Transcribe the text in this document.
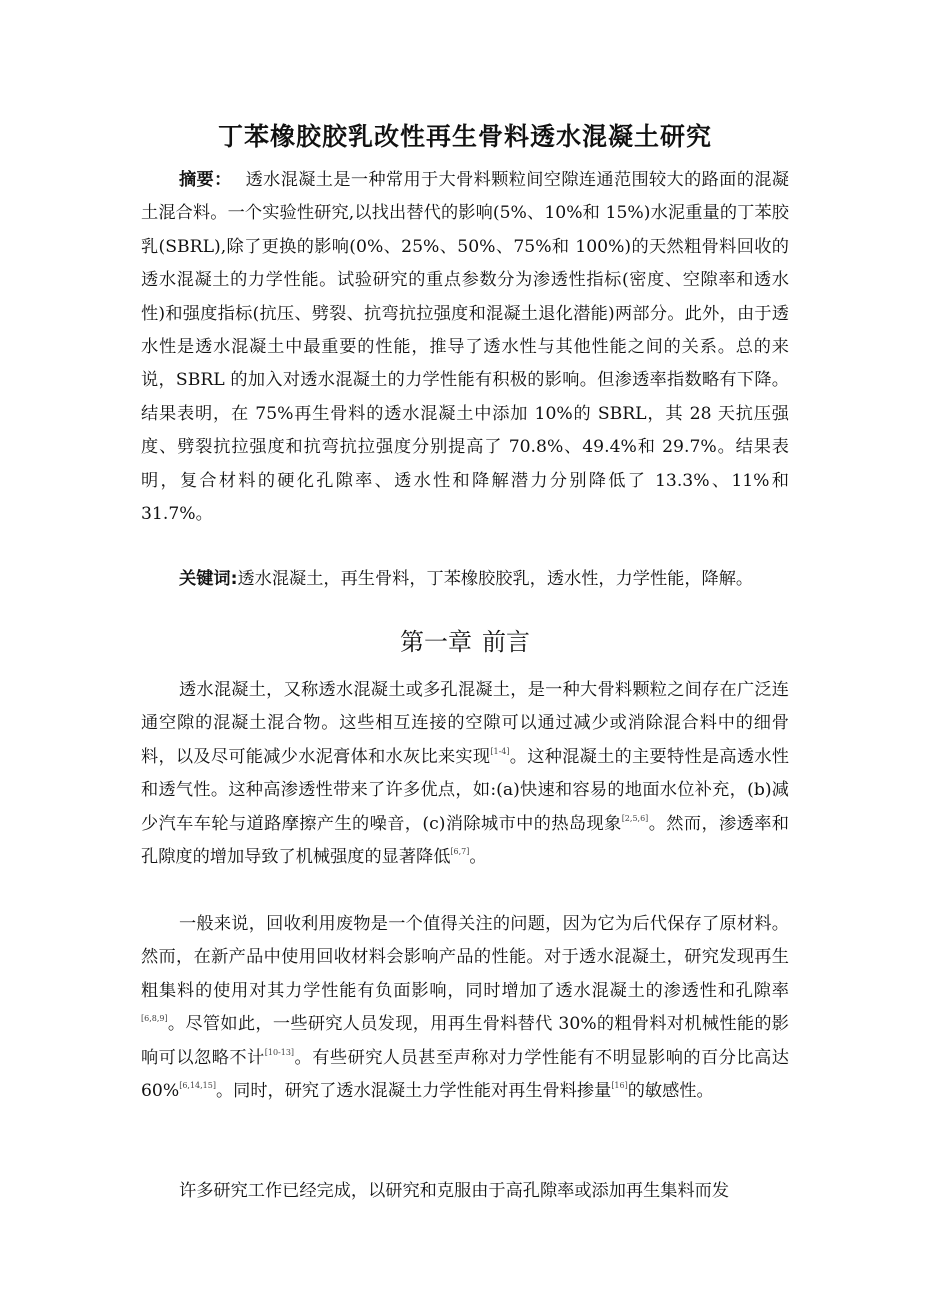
丁苯橡胶胶乳改性再生骨料透水混凝土研究

摘要： 透水混凝土是一种常用于大骨料颗粒间空隙连通范围较大的路面的混凝土混合料。一个实验性研究,以找出替代的影响(5%、10%和 15%)水泥重量的丁苯胶乳(SBRL),除了更换的影响(0%、25%、50%、75%和 100%)的天然粗骨料回收的透水混凝土的力学性能。试验研究的重点参数分为渗透性指标(密度、空隙率和透水性)和强度指标(抗压、劈裂、抗弯抗拉强度和混凝土退化潜能)两部分。此外，由于透水性是透水混凝土中最重要的性能，推导了透水性与其他性能之间的关系。总的来说，SBRL 的加入对透水混凝土的力学性能有积极的影响。但渗透率指数略有下降。结果表明，在 75%再生骨料的透水混凝土中添加 10%的 SBRL，其 28 天抗压强度、劈裂抗拉强度和抗弯抗拉强度分别提高了 70.8%、49.4%和 29.7%。结果表明，复合材料的硬化孔隙率、透水性和降解潜力分别降低了 13.3%、11%和 31.7%。

关键词:透水混凝土，再生骨料，丁苯橡胶胶乳，透水性，力学性能，降解。

第一章 前言

透水混凝土，又称透水混凝土或多孔混凝土，是一种大骨料颗粒之间存在广泛连通空隙的混凝土混合物。这些相互连接的空隙可以通过减少或消除混合料中的细骨料，以及尽可能减少水泥膏体和水灰比来实现[1-4]。这种混凝土的主要特性是高透水性和透气性。这种高渗透性带来了许多优点，如:(a)快速和容易的地面水位补充，(b)减少汽车车轮与道路摩擦产生的噪音，(c)消除城市中的热岛现象[2,5,6]。然而，渗透率和孔隙度的增加导致了机械强度的显著降低[6,7]。

一般来说，回收利用废物是一个值得关注的问题，因为它为后代保存了原材料。然而，在新产品中使用回收材料会影响产品的性能。对于透水混凝土，研究发现再生粗集料的使用对其力学性能有负面影响，同时增加了透水混凝土的渗透性和孔隙率[6,8,9]。尽管如此，一些研究人员发现，用再生骨料替代 30%的粗骨料对机械性能的影响可以忽略不计[10-13]。有些研究人员甚至声称对力学性能有不明显影响的百分比高达 60%[6,14,15]。同时，研究了透水混凝土力学性能对再生骨料掺量[16]的敏感性。

许多研究工作已经完成，以研究和克服由于高孔隙率或添加再生集料而发
